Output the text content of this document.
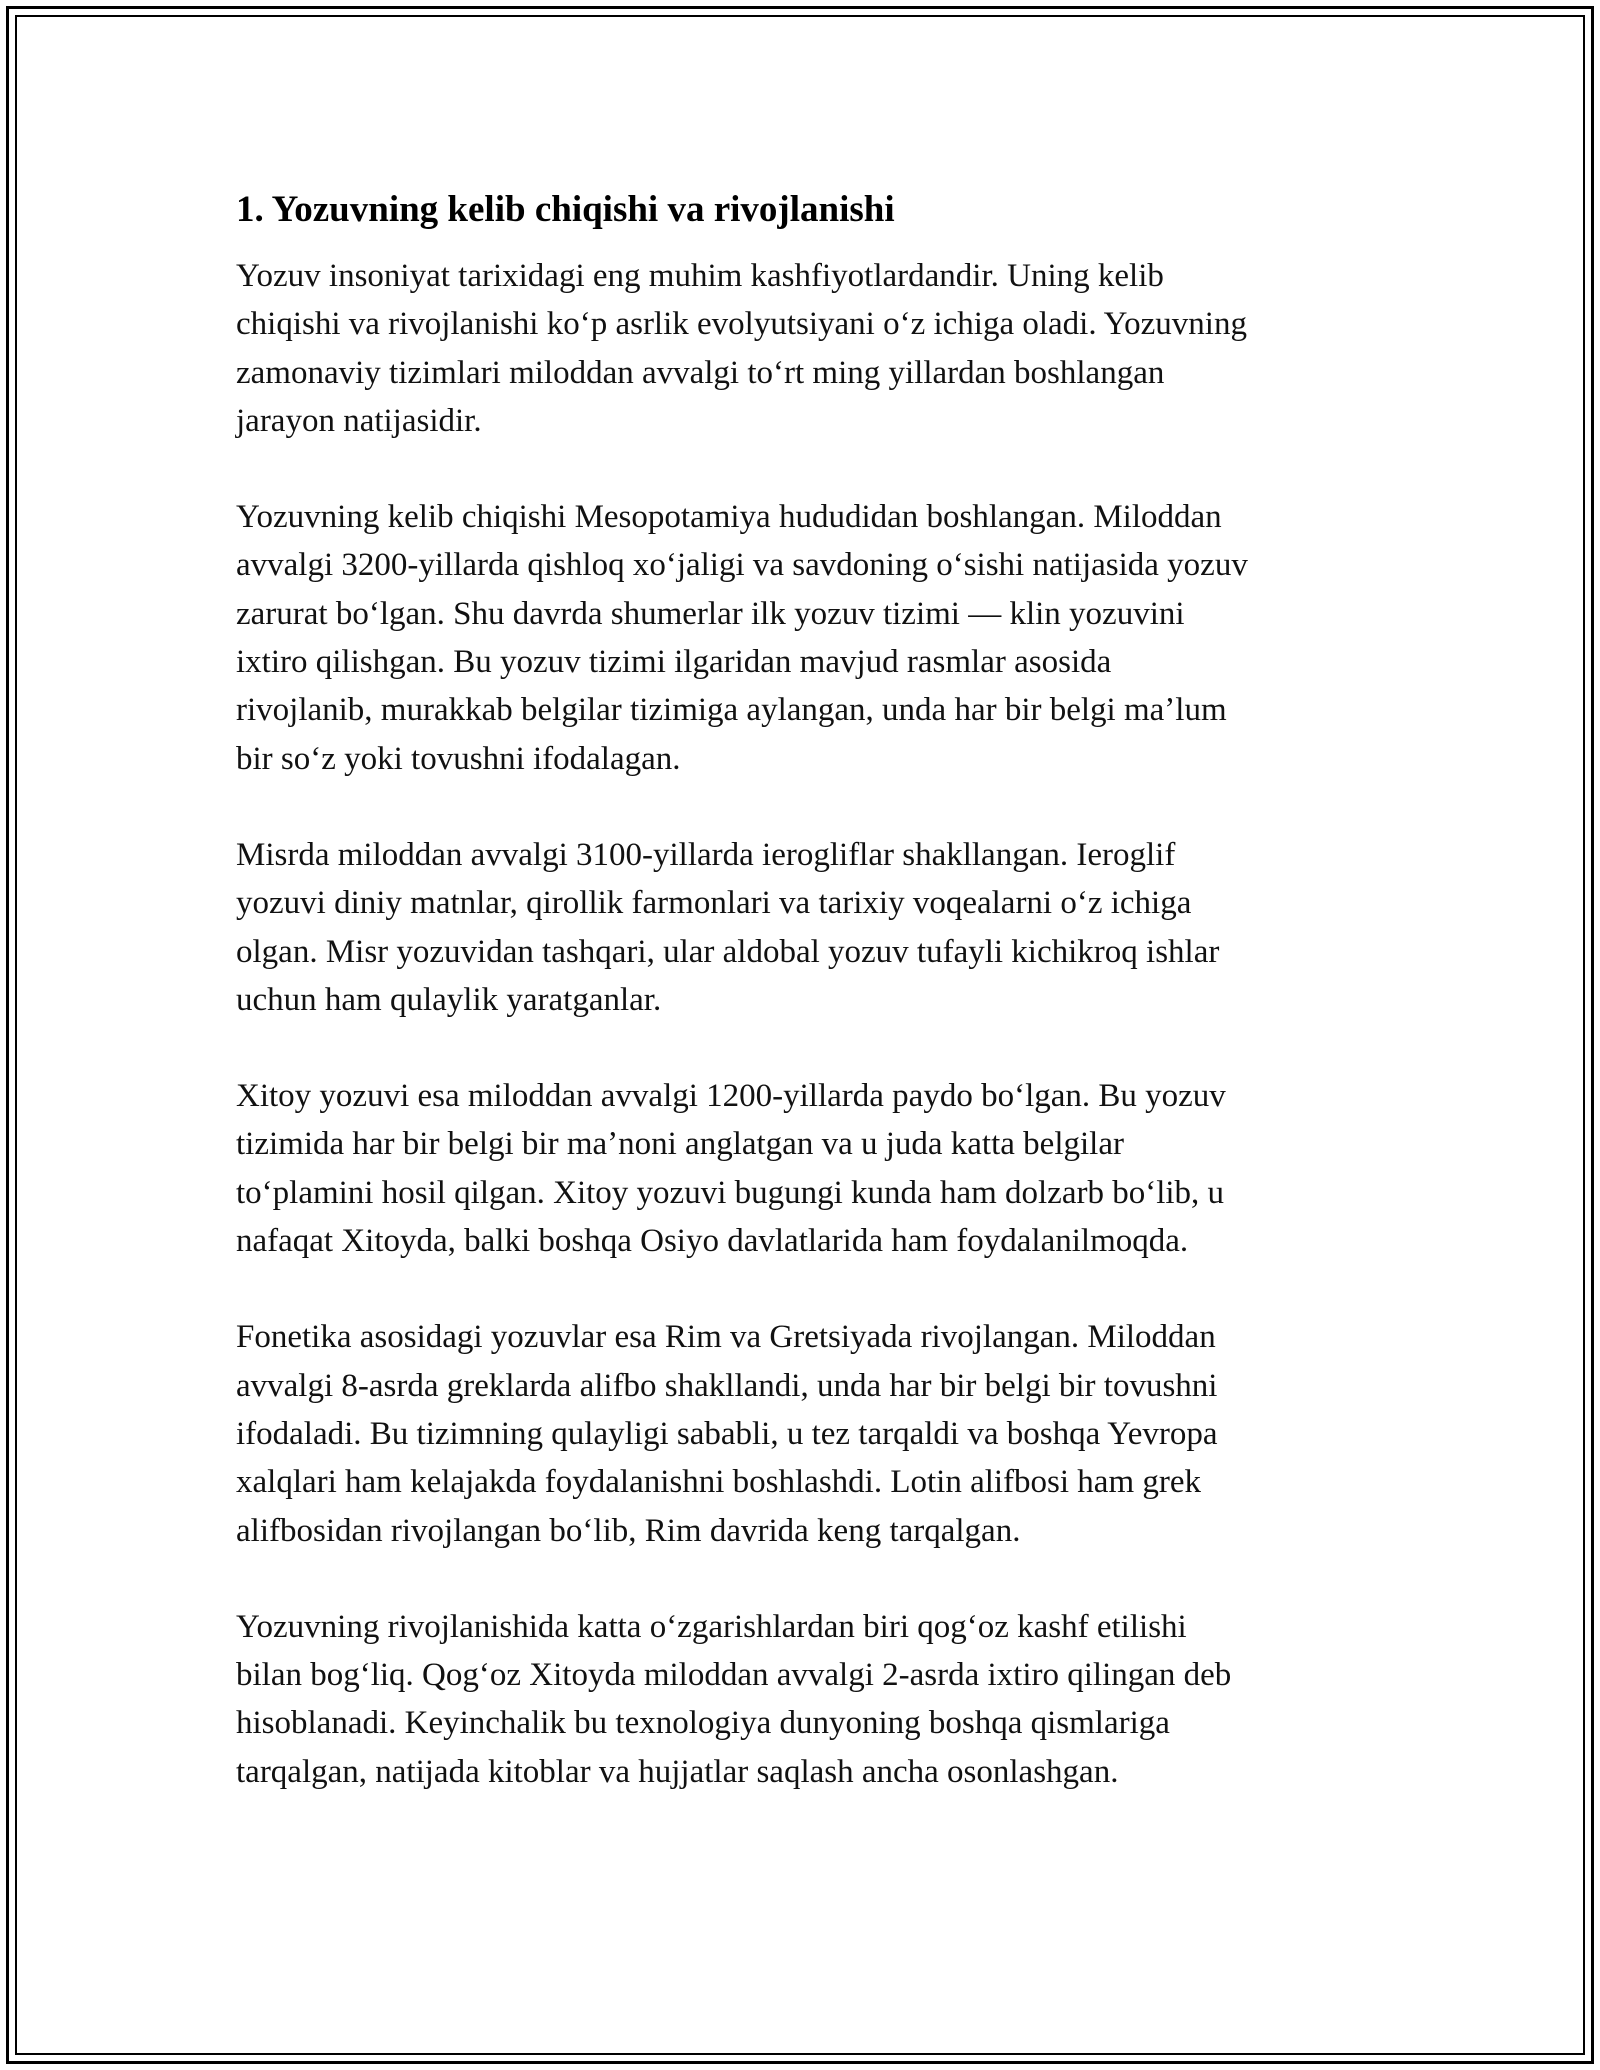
1. Yozuvning kelib chiqishi va rivojlanishi

Yozuv insoniyat tarixidagi eng muhim kashfiyotlardandir. Uning kelib
chiqishi va rivojlanishi koʻp asrlik evolyutsiyani oʻz ichiga oladi. Yozuvning
zamonaviy tizimlari miloddan avvalgi toʻrt ming yillardan boshlangan
jarayon natijasidir.

Yozuvning kelib chiqishi Mesopotamiya hududidan boshlangan. Miloddan
avvalgi 3200-yillarda qishloq xoʻjaligi va savdoning oʻsishi natijasida yozuv
zarurat boʻlgan. Shu davrda shumerlar ilk yozuv tizimi — klin yozuvini
ixtiro qilishgan. Bu yozuv tizimi ilgaridan mavjud rasmlar asosida
rivojlanib, murakkab belgilar tizimiga aylangan, unda har bir belgi maʼlum
bir soʻz yoki tovushni ifodalagan.

Misrda miloddan avvalgi 3100-yillarda ierogliflar shakllangan. Ieroglif
yozuvi diniy matnlar, qirollik farmonlari va tarixiy voqealarni oʻz ichiga
olgan. Misr yozuvidan tashqari, ular aldobal yozuv tufayli kichikroq ishlar
uchun ham qulaylik yaratganlar.

Xitoy yozuvi esa miloddan avvalgi 1200-yillarda paydo boʻlgan. Bu yozuv
tizimida har bir belgi bir maʼnoni anglatgan va u juda katta belgilar
toʻplamini hosil qilgan. Xitoy yozuvi bugungi kunda ham dolzarb boʻlib, u
nafaqat Xitoyda, balki boshqa Osiyo davlatlarida ham foydalanilmoqda.

Fonetika asosidagi yozuvlar esa Rim va Gretsiyada rivojlangan. Miloddan
avvalgi 8-asrda greklarda alifbo shakllandi, unda har bir belgi bir tovushni
ifodaladi. Bu tizimning qulayligi sababli, u tez tarqaldi va boshqa Yevropa
xalqlari ham kelajakda foydalanishni boshlashdi. Lotin alifbosi ham grek
alifbosidan rivojlangan boʻlib, Rim davrida keng tarqalgan.

Yozuvning rivojlanishida katta oʻzgarishlardan biri qogʻoz kashf etilishi
bilan bogʻliq. Qogʻoz Xitoyda miloddan avvalgi 2-asrda ixtiro qilingan deb
hisoblanadi. Keyinchalik bu texnologiya dunyoning boshqa qismlariga
tarqalgan, natijada kitoblar va hujjatlar saqlash ancha osonlashgan.
